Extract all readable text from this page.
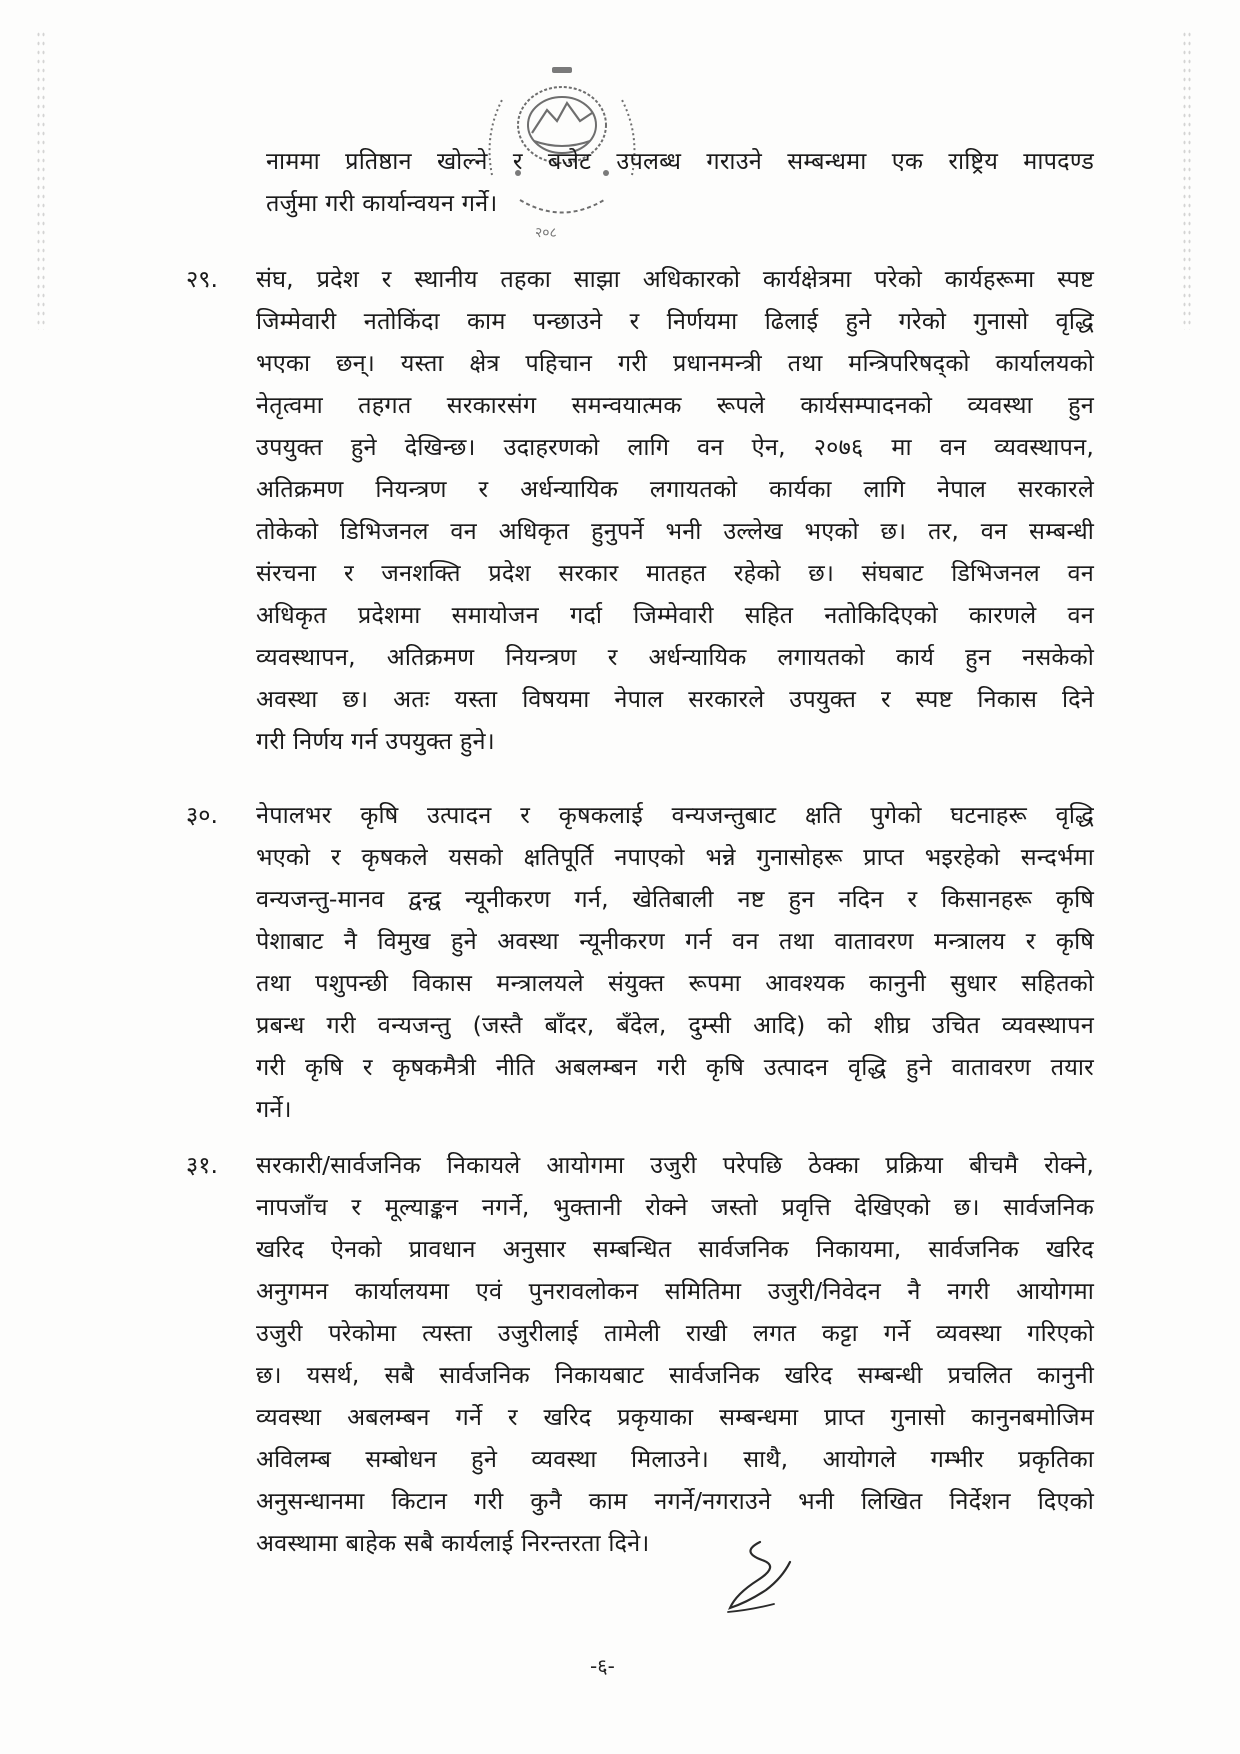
२०८
नाममा प्रतिष्ठान खोल्ने र बजेट उपलब्ध गराउने सम्बन्धमा एक राष्ट्रिय मापदण्ड
तर्जुमा गरी कार्यान्वयन गर्ने।
२९. संघ, प्रदेश र स्थानीय तहका साझा अधिकारको कार्यक्षेत्रमा परेको कार्यहरूमा स्पष्ट
जिम्मेवारी नतोकिंदा काम पन्छाउने र निर्णयमा ढिलाई हुने गरेको गुनासो वृद्धि
भएका छन्। यस्ता क्षेत्र पहिचान गरी प्रधानमन्त्री तथा मन्त्रिपरिषद्को कार्यालयको
नेतृत्वमा तहगत सरकारसंग समन्वयात्मक रूपले कार्यसम्पादनको व्यवस्था हुन
उपयुक्त हुने देखिन्छ। उदाहरणको लागि वन ऐन, २०७६ मा वन व्यवस्थापन,
अतिक्रमण नियन्त्रण र अर्धन्यायिक लगायतको कार्यका लागि नेपाल सरकारले
तोकेको डिभिजनल वन अधिकृत हुनुपर्ने भनी उल्लेख भएको छ। तर, वन सम्बन्धी
संरचना र जनशक्ति प्रदेश सरकार मातहत रहेको छ। संघबाट डिभिजनल वन
अधिकृत प्रदेशमा समायोजन गर्दा जिम्मेवारी सहित नतोकिदिएको कारणले वन
व्यवस्थापन, अतिक्रमण नियन्त्रण र अर्धन्यायिक लगायतको कार्य हुन नसकेको
अवस्था छ। अतः यस्ता विषयमा नेपाल सरकारले उपयुक्त र स्पष्ट निकास दिने
गरी निर्णय गर्न उपयुक्त हुने।
३०. नेपालभर कृषि उत्पादन र कृषकलाई वन्यजन्तुबाट क्षति पुगेको घटनाहरू वृद्धि
भएको र कृषकले यसको क्षतिपूर्ति नपाएको भन्ने गुनासोहरू प्राप्त भइरहेको सन्दर्भमा
वन्यजन्तु-मानव द्वन्द्व न्यूनीकरण गर्न, खेतिबाली नष्ट हुन नदिन र किसानहरू कृषि
पेशाबाट नै विमुख हुने अवस्था न्यूनीकरण गर्न वन तथा वातावरण मन्त्रालय र कृषि
तथा पशुपन्छी विकास मन्त्रालयले संयुक्त रूपमा आवश्यक कानुनी सुधार सहितको
प्रबन्ध गरी वन्यजन्तु (जस्तै बाँदर, बँदेल, दुम्सी आदि) को शीघ्र उचित व्यवस्थापन
गरी कृषि र कृषकमैत्री नीति अबलम्बन गरी कृषि उत्पादन वृद्धि हुने वातावरण तयार
गर्ने।
३१. सरकारी/सार्वजनिक निकायले आयोगमा उजुरी परेपछि ठेक्का प्रक्रिया बीचमै रोक्ने,
नापजाँच र मूल्याङ्कन नगर्ने, भुक्तानी रोक्ने जस्तो प्रवृत्ति देखिएको छ। सार्वजनिक
खरिद ऐनको प्रावधान अनुसार सम्बन्धित सार्वजनिक निकायमा, सार्वजनिक खरिद
अनुगमन कार्यालयमा एवं पुनरावलोकन समितिमा उजुरी/निवेदन नै नगरी आयोगमा
उजुरी परेकोमा त्यस्ता उजुरीलाई तामेली राखी लगत कट्टा गर्ने व्यवस्था गरिएको
छ। यसर्थ, सबै सार्वजनिक निकायबाट सार्वजनिक खरिद सम्बन्धी प्रचलित कानुनी
व्यवस्था अबलम्बन गर्ने र खरिद प्रकृयाका सम्बन्धमा प्राप्त गुनासो कानुनबमोजिम
अविलम्ब सम्बोधन हुने व्यवस्था मिलाउने। साथै, आयोगले गम्भीर प्रकृतिका
अनुसन्धानमा किटान गरी कुनै काम नगर्ने/नगराउने भनी लिखित निर्देशन दिएको
अवस्थामा बाहेक सबै कार्यलाई निरन्तरता दिने।
-६-
